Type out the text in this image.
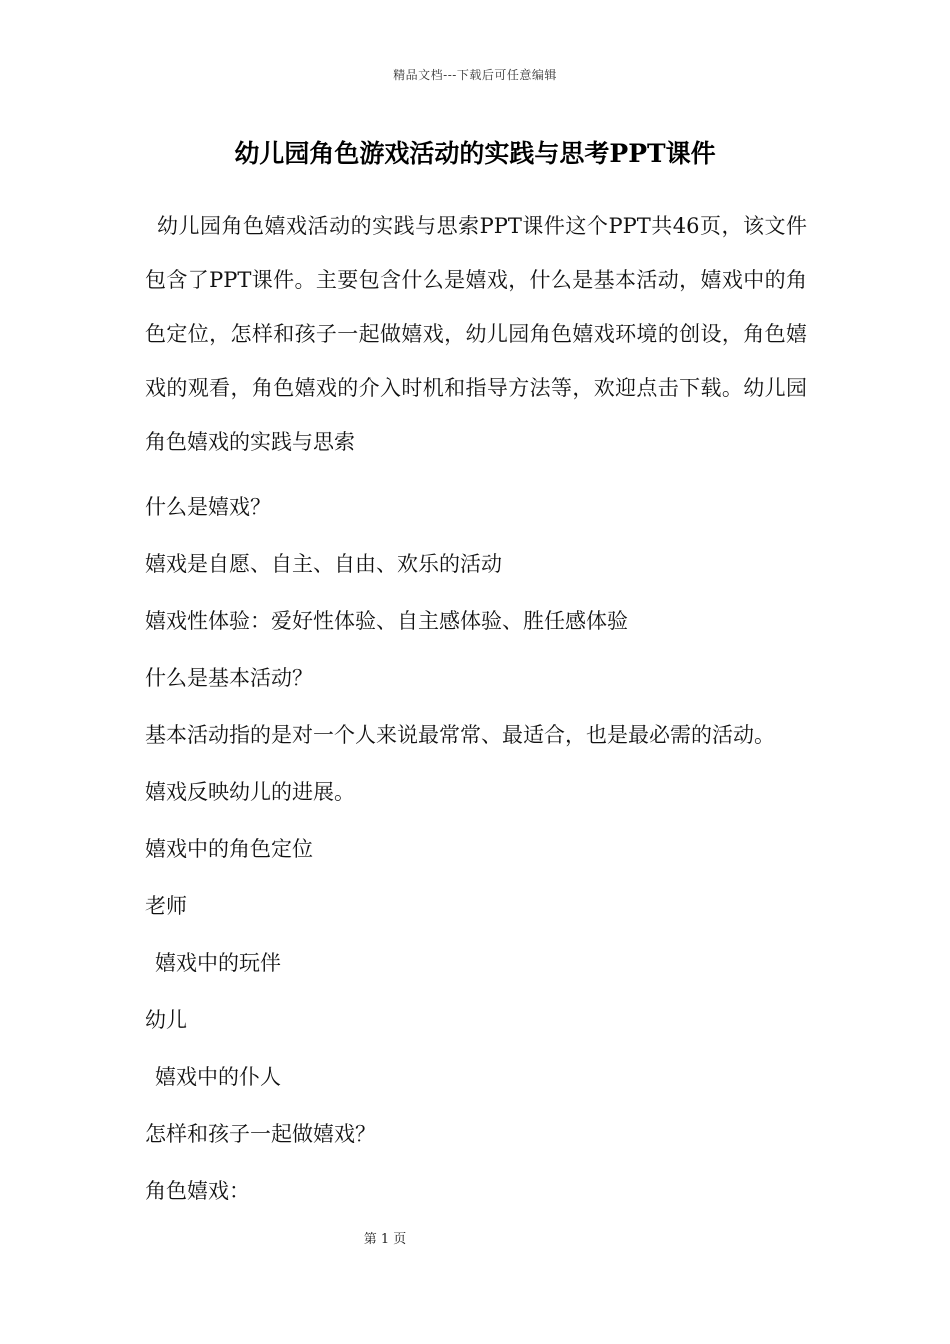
精品文档---下载后可任意编辑
幼儿园角色游戏活动的实践与思考PPT课件

幼儿园角色嬉戏活动的实践与思索PPT课件这个PPT共46页，该文件包含了PPT课件。主要包含什么是嬉戏，什么是基本活动，嬉戏中的角色定位，怎样和孩子一起做嬉戏，幼儿园角色嬉戏环境的创设，角色嬉戏的观看，角色嬉戏的介入时机和指导方法等，欢迎点击下载。幼儿园角色嬉戏的实践与思索

什么是嬉戏？

嬉戏是自愿、自主、自由、欢乐的活动

嬉戏性体验：爱好性体验、自主感体验、胜任感体验

什么是基本活动？

基本活动指的是对一个人来说最常常、最适合，也是最必需的活动。

嬉戏反映幼儿的进展。

嬉戏中的角色定位

老师

嬉戏中的玩伴

幼儿

嬉戏中的仆人

怎样和孩子一起做嬉戏？

角色嬉戏：

第 1 页
